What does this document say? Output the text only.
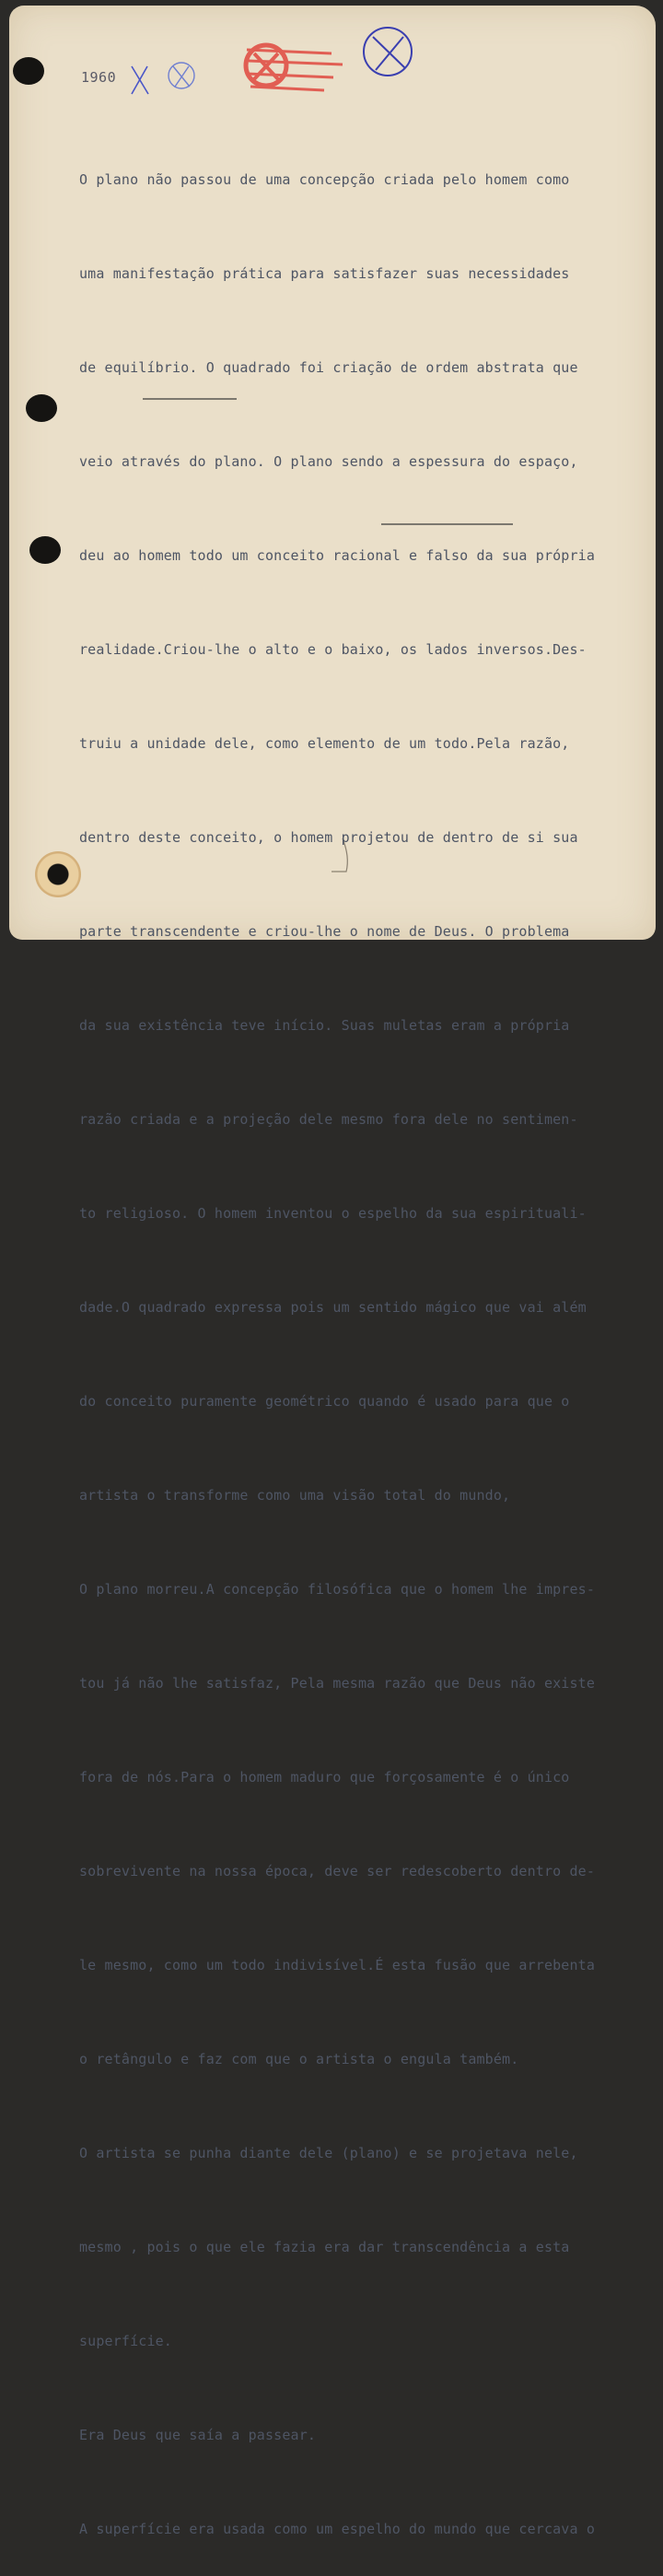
1960

O plano não passou de uma concepção criada pelo homem como

uma manifestação prática para satisfazer suas necessidades

de equilíbrio. O quadrado foi criação de ordem abstrata que

veio através do plano. O plano sendo a espessura do espaço,

deu ao homem todo um conceito racional e falso da sua própria

realidade.Criou-lhe o alto e o baixo, os lados inversos.Des-

truiu a unidade dele, como elemento de um todo.Pela razão,

dentro deste conceito, o homem projetou de dentro de si sua

parte transcendente e criou-lhe o nome de Deus. O problema

da sua existência teve início. Suas muletas eram a própria

razão criada e a projeção dele mesmo fora dele no sentimen-

to religioso. O homem inventou o espelho da sua espirituali-

dade.O quadrado expressa pois um sentido mágico que vai além

do conceito puramente geométrico quando é usado para que o

artista o transforme como uma visão total do mundo,

O plano morreu.A concepção filosófica que o homem lhe impres-

tou já não lhe satisfaz, Pela mesma razão que Deus não existe

fora de nós.Para o homem maduro que forçosamente é o único

sobrevivente na nossa época, deve ser redescoberto dentro de-

le mesmo, como um todo indivisível.É esta fusão que arrebenta

o retângulo e faz com que o artista o engula também.

O artista se punha diante dele (plano) e se projetava nele,

mesmo , pois o que ele fazia era dar transcendência a esta

superfície.

Era Deus que saía a passear.

A superfície era usada como um espelho do mundo que cercava o
